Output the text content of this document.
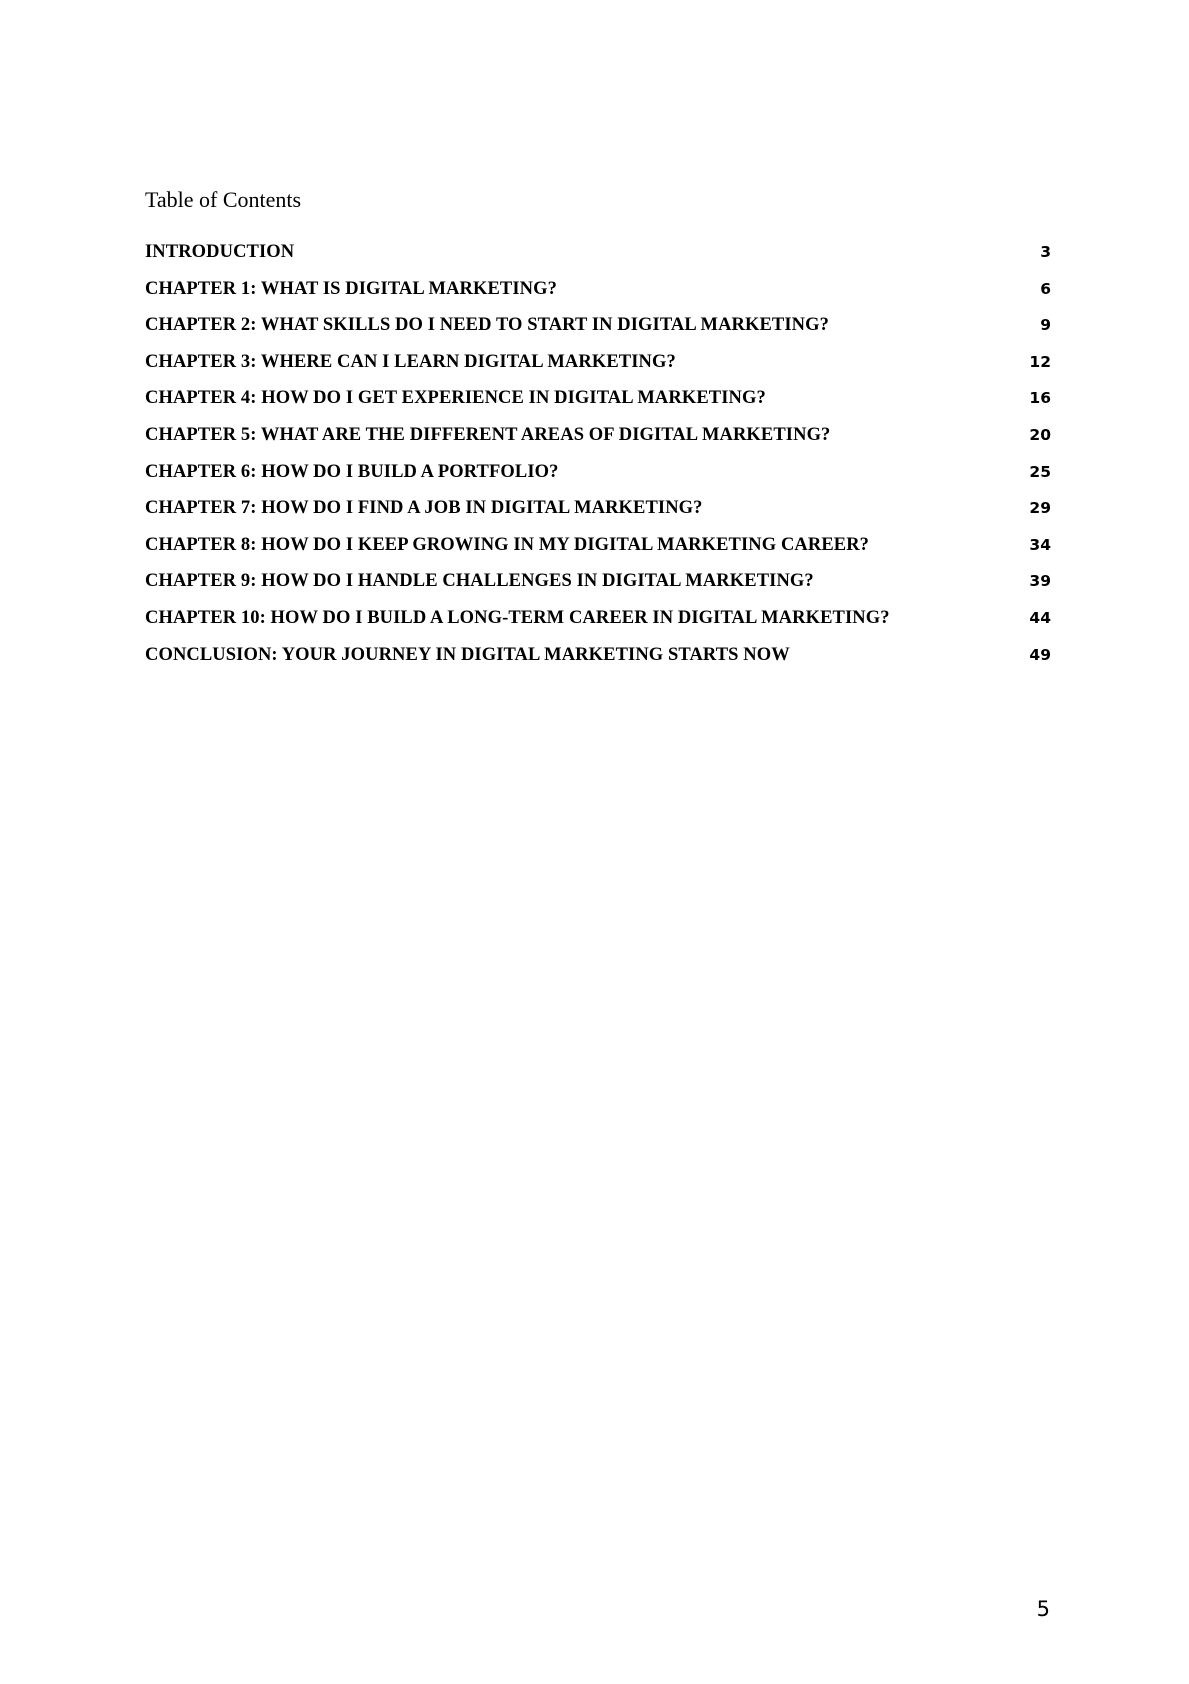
Table of Contents
INTRODUCTION	3
CHAPTER 1: WHAT IS DIGITAL MARKETING?	6
CHAPTER 2: WHAT SKILLS DO I NEED TO START IN DIGITAL MARKETING?	9
CHAPTER 3: WHERE CAN I LEARN DIGITAL MARKETING?	12
CHAPTER 4: HOW DO I GET EXPERIENCE IN DIGITAL MARKETING?	16
CHAPTER 5: WHAT ARE THE DIFFERENT AREAS OF DIGITAL MARKETING?	20
CHAPTER 6: HOW DO I BUILD A PORTFOLIO?	25
CHAPTER 7: HOW DO I FIND A JOB IN DIGITAL MARKETING?	29
CHAPTER 8: HOW DO I KEEP GROWING IN MY DIGITAL MARKETING CAREER?	34
CHAPTER 9: HOW DO I HANDLE CHALLENGES IN DIGITAL MARKETING?	39
CHAPTER 10: HOW DO I BUILD A LONG-TERM CAREER IN DIGITAL MARKETING?	44
CONCLUSION: YOUR JOURNEY IN DIGITAL MARKETING STARTS NOW	49
5
